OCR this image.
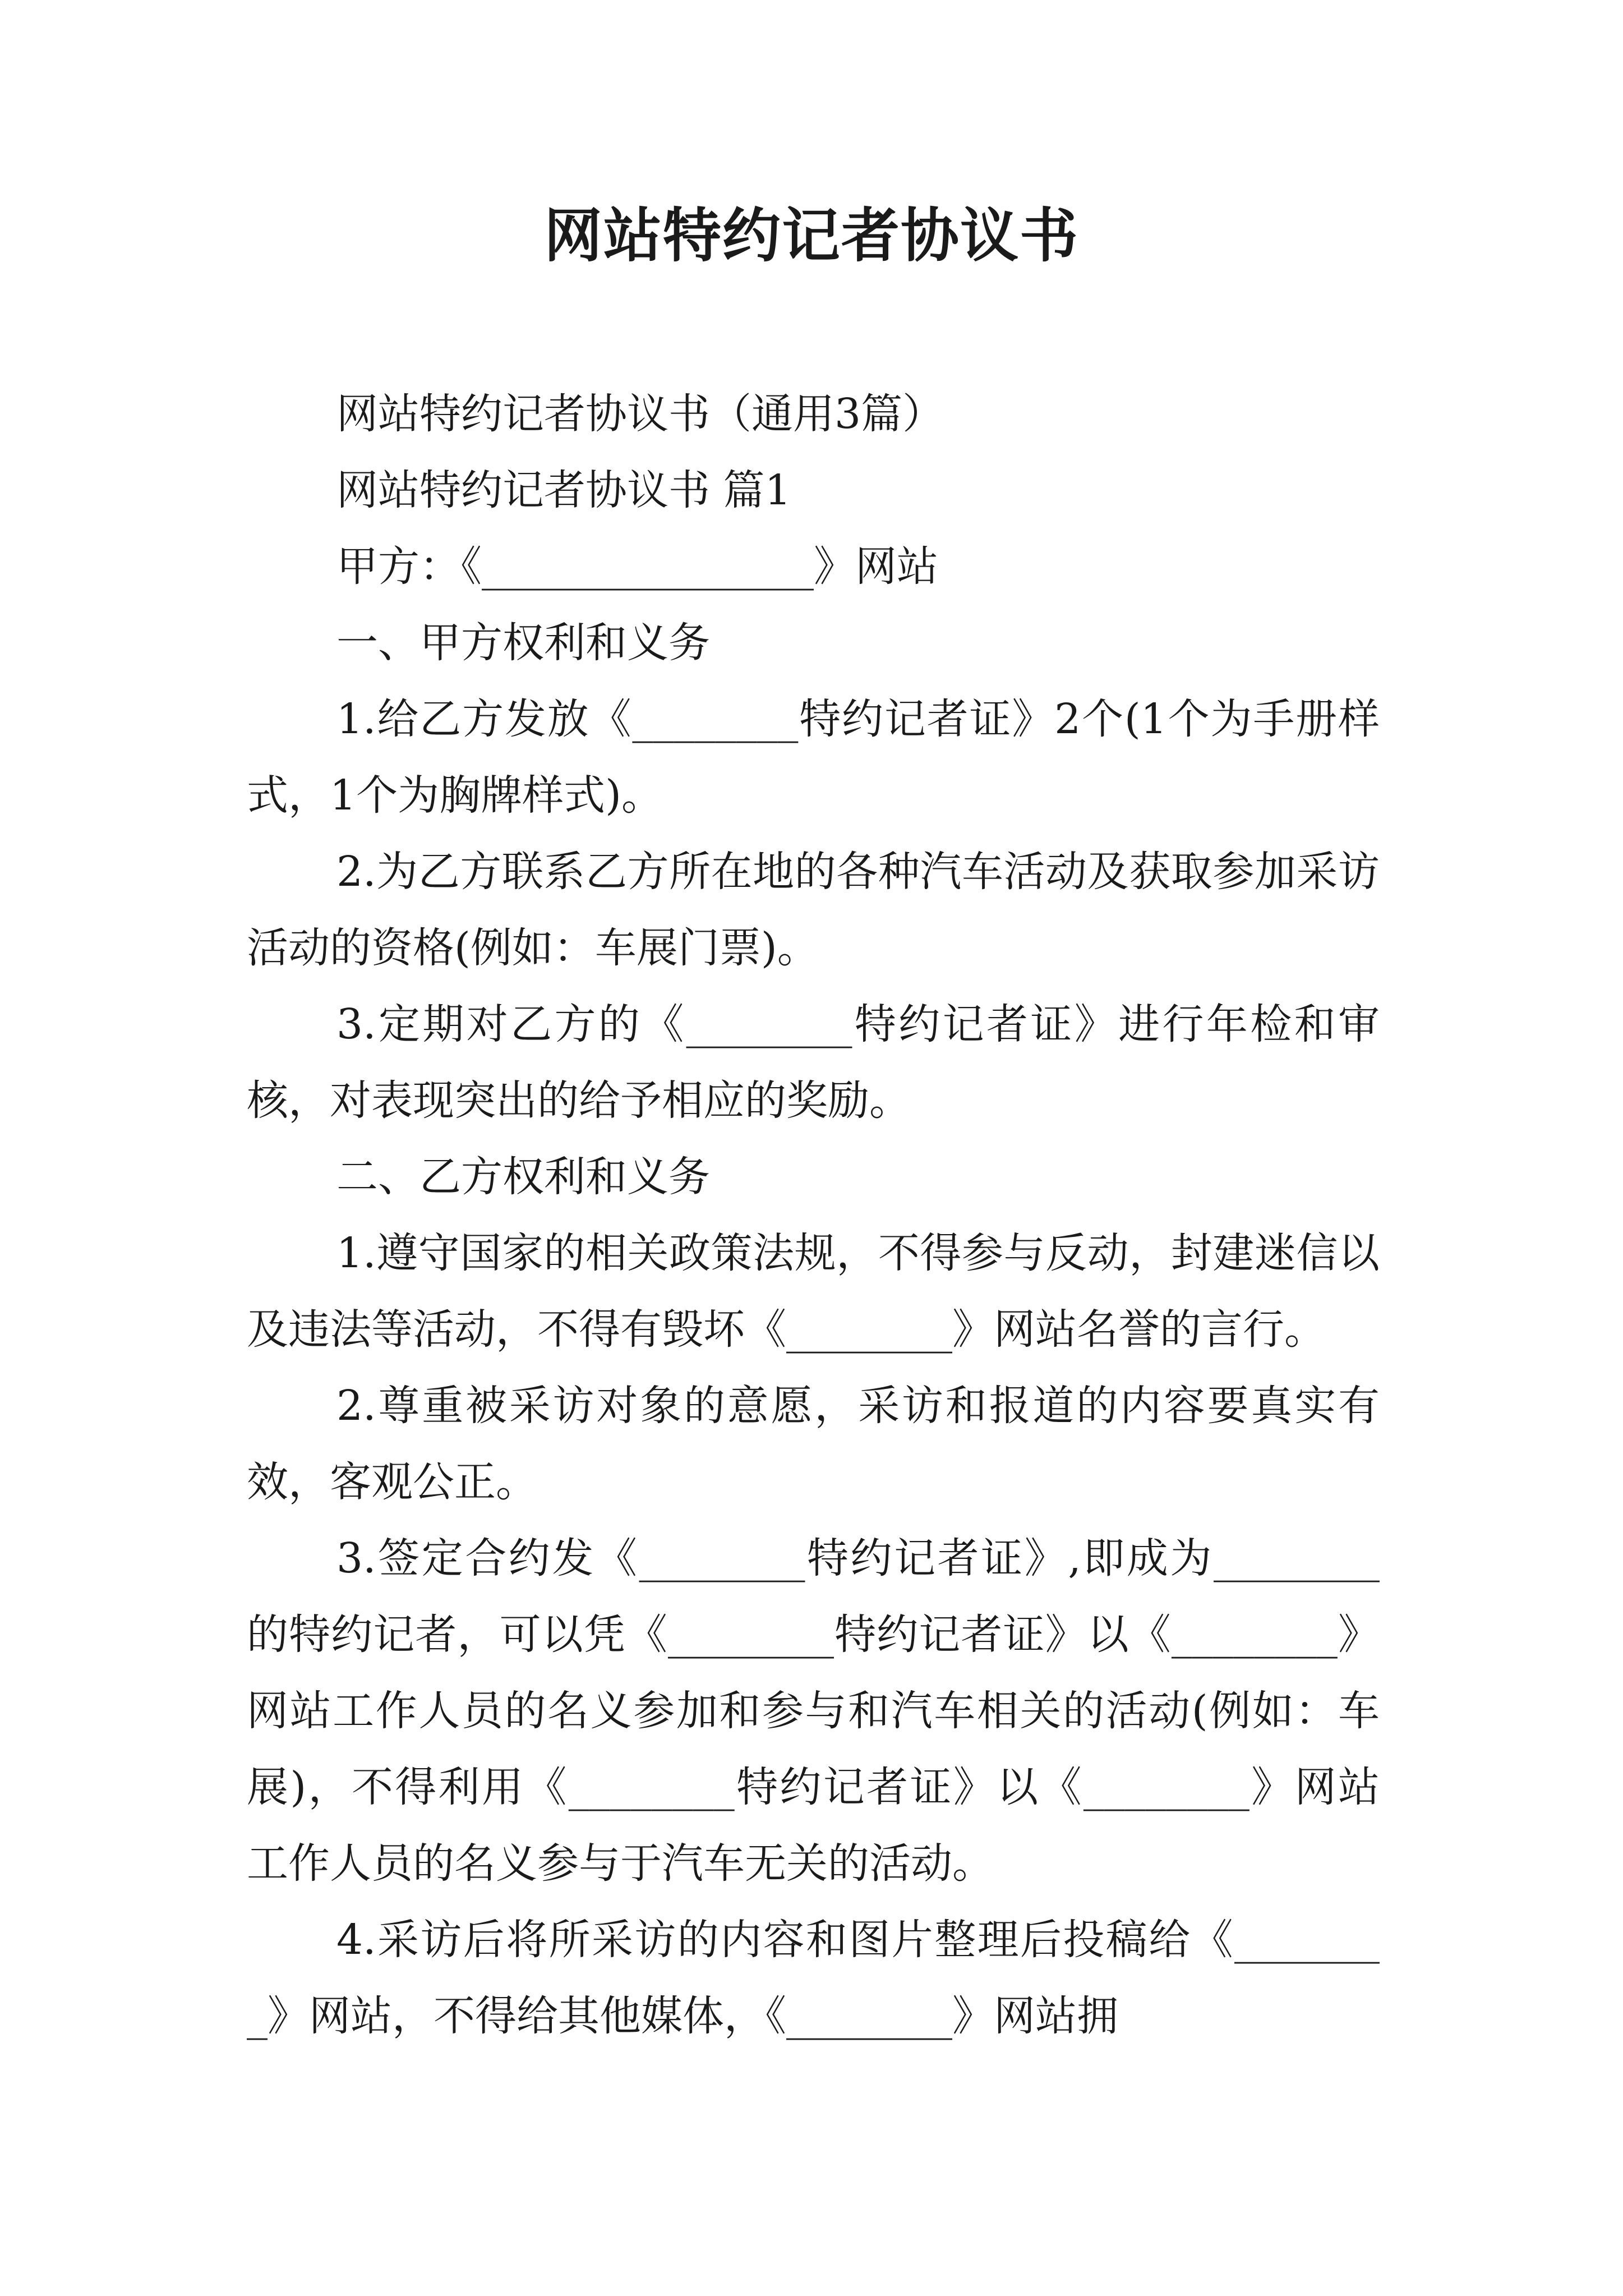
网站特约记者协议书

网站特约记者协议书（通用3篇）

网站特约记者协议书 篇1

甲方：《________________》网站

一、甲方权利和义务

1.给乙方发放《________特约记者证》2个(1个为手册样式，1个为胸牌样式)。

2.为乙方联系乙方所在地的各种汽车活动及获取参加采访活动的资格(例如：车展门票)。

3.定期对乙方的《________特约记者证》进行年检和审核，对表现突出的给予相应的奖励。

二、乙方权利和义务

1.遵守国家的相关政策法规，不得参与反动，封建迷信以及违法等活动，不得有毁坏《________》网站名誉的言行。

2.尊重被采访对象的意愿，采访和报道的内容要真实有效，客观公正。

3.签定合约发《________特约记者证》,即成为________的特约记者，可以凭《________特约记者证》以《________》网站工作人员的名义参加和参与和汽车相关的活动(例如：车展)，不得利用《________特约记者证》以《________》网站工作人员的名义参与于汽车无关的活动。

4.采访后将所采访的内容和图片整理后投稿给《________》网站，不得给其他媒体，《________》网站拥
